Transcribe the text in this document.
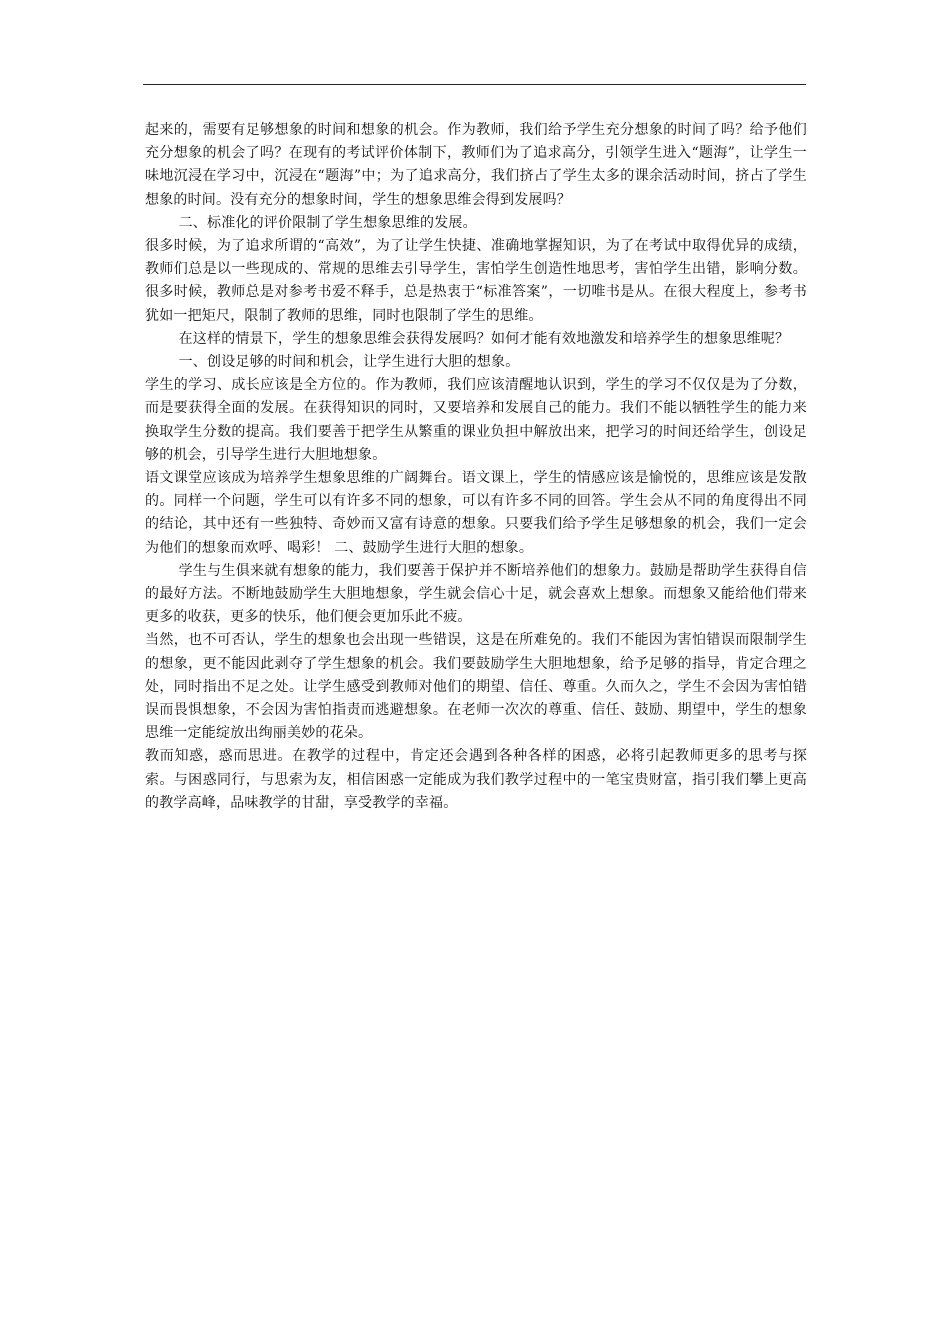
起来的，需要有足够想象的时间和想象的机会。作为教师，我们给予学生充分想象的时间了吗？给予他们充分想象的机会了吗？在现有的考试评价体制下，教师们为了追求高分，引领学生进入“题海”，让学生一味地沉浸在学习中，沉浸在“题海”中；为了追求高分，我们挤占了学生太多的课余活动时间，挤占了学生想象的时间。没有充分的想象时间，学生的想象思维会得到发展吗？

二、标准化的评价限制了学生想象思维的发展。

很多时候，为了追求所谓的“高效”，为了让学生快捷、准确地掌握知识，为了在考试中取得优异的成绩，教师们总是以一些现成的、常规的思维去引导学生，害怕学生创造性地思考，害怕学生出错，影响分数。很多时候，教师总是对参考书爱不释手，总是热衷于“标准答案”，一切唯书是从。在很大程度上，参考书犹如一把矩尺，限制了教师的思维，同时也限制了学生的思维。

在这样的情景下，学生的想象思维会获得发展吗？如何才能有效地激发和培养学生的想象思维呢？

一、创设足够的时间和机会，让学生进行大胆的想象。

学生的学习、成长应该是全方位的。作为教师，我们应该清醒地认识到，学生的学习不仅仅是为了分数，而是要获得全面的发展。在获得知识的同时，又要培养和发展自己的能力。我们不能以牺牲学生的能力来换取学生分数的提高。我们要善于把学生从繁重的课业负担中解放出来，把学习的时间还给学生，创设足够的机会，引导学生进行大胆地想象。

语文课堂应该成为培养学生想象思维的广阔舞台。语文课上，学生的情感应该是愉悦的，思维应该是发散的。同样一个问题，学生可以有许多不同的想象，可以有许多不同的回答。学生会从不同的角度得出不同的结论，其中还有一些独特、奇妙而又富有诗意的想象。只要我们给予学生足够想象的机会，我们一定会为他们的想象而欢呼、喝彩！ 二、鼓励学生进行大胆的想象。

学生与生俱来就有想象的能力，我们要善于保护并不断培养他们的想象力。鼓励是帮助学生获得自信的最好方法。不断地鼓励学生大胆地想象，学生就会信心十足，就会喜欢上想象。而想象又能给他们带来更多的收获，更多的快乐，他们便会更加乐此不疲。

当然，也不可否认，学生的想象也会出现一些错误，这是在所难免的。我们不能因为害怕错误而限制学生的想象，更不能因此剥夺了学生想象的机会。我们要鼓励学生大胆地想象，给予足够的指导，肯定合理之处，同时指出不足之处。让学生感受到教师对他们的期望、信任、尊重。久而久之，学生不会因为害怕错误而畏惧想象，不会因为害怕指责而逃避想象。在老师一次次的尊重、信任、鼓励、期望中，学生的想象思维一定能绽放出绚丽美妙的花朵。

教而知惑，惑而思进。在教学的过程中，肯定还会遇到各种各样的困惑，必将引起教师更多的思考与探索。与困惑同行，与思索为友，相信困惑一定能成为我们教学过程中的一笔宝贵财富，指引我们攀上更高的教学高峰，品味教学的甘甜，享受教学的幸福。
